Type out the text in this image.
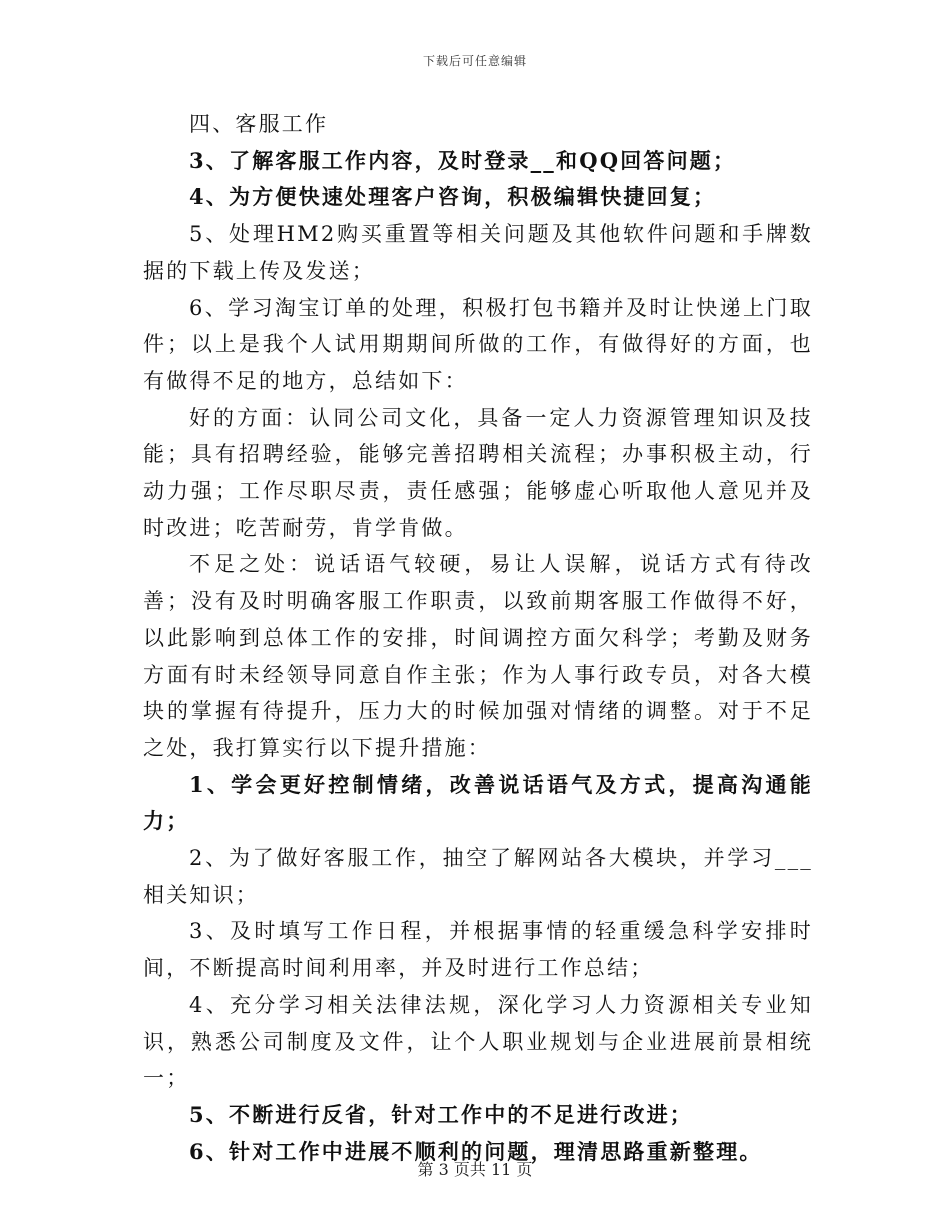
下载后可任意编辑

四、客服工作

3、了解客服工作内容，及时登录__和QQ回答问题；

4、为方便快速处理客户咨询，积极编辑快捷回复；

5、处理HM2购买重置等相关问题及其他软件问题和手牌数据的下载上传及发送；

6、学习淘宝订单的处理，积极打包书籍并及时让快递上门取件；以上是我个人试用期期间所做的工作，有做得好的方面，也有做得不足的地方，总结如下：

好的方面：认同公司文化，具备一定人力资源管理知识及技能；具有招聘经验，能够完善招聘相关流程；办事积极主动，行动力强；工作尽职尽责，责任感强；能够虚心听取他人意见并及时改进；吃苦耐劳，肯学肯做。

不足之处：说话语气较硬，易让人误解，说话方式有待改善；没有及时明确客服工作职责，以致前期客服工作做得不好，以此影响到总体工作的安排，时间调控方面欠科学；考勤及财务方面有时未经领导同意自作主张；作为人事行政专员，对各大模块的掌握有待提升，压力大的时候加强对情绪的调整。对于不足之处，我打算实行以下提升措施：

1、学会更好控制情绪，改善说话语气及方式，提高沟通能力；

2、为了做好客服工作，抽空了解网站各大模块，并学习___相关知识；

3、及时填写工作日程，并根据事情的轻重缓急科学安排时间，不断提高时间利用率，并及时进行工作总结；

4、充分学习相关法律法规，深化学习人力资源相关专业知识，熟悉公司制度及文件，让个人职业规划与企业进展前景相统一；

5、不断进行反省，针对工作中的不足进行改进；

6、针对工作中进展不顺利的问题，理清思路重新整理。

第 3 页共 11 页
